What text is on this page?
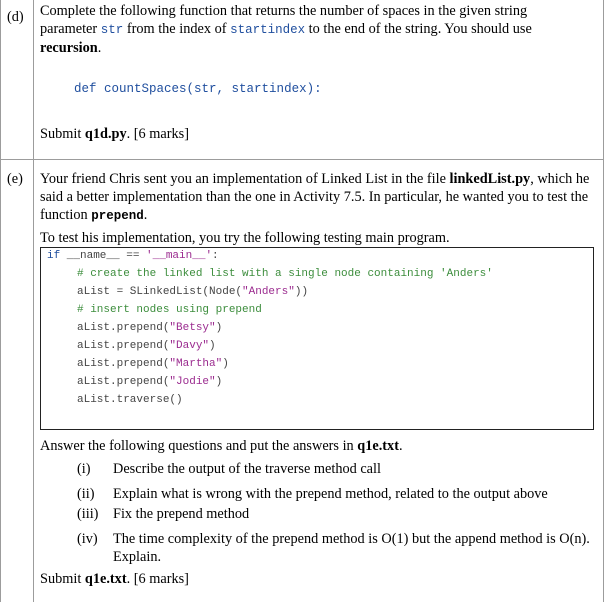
(d) Complete the following function that returns the number of spaces in the given string
parameter str from the index of startindex to the end of the string. You should use
recursion.
def countSpaces(str, startindex):
Submit q1d.py. [6 marks]
(e) Your friend Chris sent you an implementation of Linked List in the file linkedList.py, which he
said a better implementation than the one in Activity 7.5. In particular, he wanted you to test the
function prepend.
To test his implementation, you try the following testing main program.
if __name__ == '__main__':
# create the linked list with a single node containing 'Anders'
aList = SLinkedList(Node("Anders"))
# insert nodes using prepend
aList.prepend("Betsy")
aList.prepend("Davy")
aList.prepend("Martha")
aList.prepend("Jodie")
aList.traverse()
Answer the following questions and put the answers in q1e.txt.
(i) Describe the output of the traverse method call
(ii) Explain what is wrong with the prepend method, related to the output above
(iii) Fix the prepend method
(iv) The time complexity of the prepend method is O(1) but the append method is O(n).
Explain.
Submit q1e.txt. [6 marks]
